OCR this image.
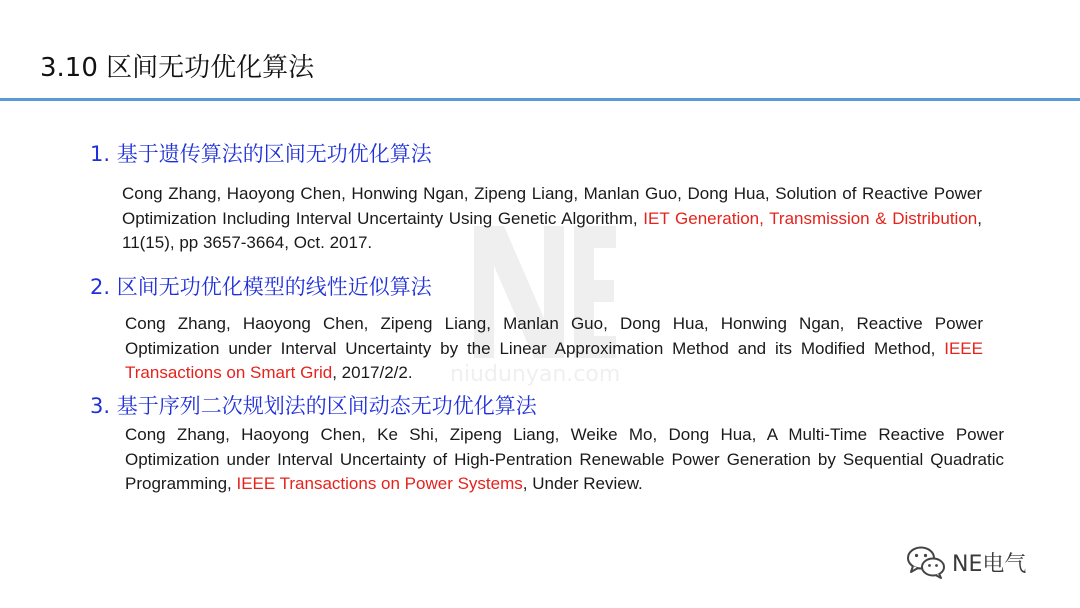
3.10 区间无功优化算法
niudunyan.com
1. 基于遗传算法的区间无功优化算法
Cong Zhang, Haoyong Chen, Honwing Ngan, Zipeng Liang, Manlan Guo, Dong Hua, Solution of Reactive Power Optimization Including Interval Uncertainty Using Genetic Algorithm, IET Generation, Transmission & Distribution, 11(15), pp 3657-3664, Oct. 2017.
2. 区间无功优化模型的线性近似算法
Cong Zhang, Haoyong Chen, Zipeng Liang, Manlan Guo, Dong Hua, Honwing Ngan, Reactive Power Optimization under Interval Uncertainty by the Linear Approximation Method and its Modified Method, IEEE Transactions on Smart Grid, 2017/2/2.
3. 基于序列二次规划法的区间动态无功优化算法
Cong Zhang, Haoyong Chen, Ke Shi, Zipeng Liang, Weike Mo, Dong Hua, A Multi-Time Reactive Power Optimization under Interval Uncertainty of High-Pentration Renewable Power Generation by Sequential Quadratic Programming, IEEE Transactions on Power Systems, Under Review.
NE电气
